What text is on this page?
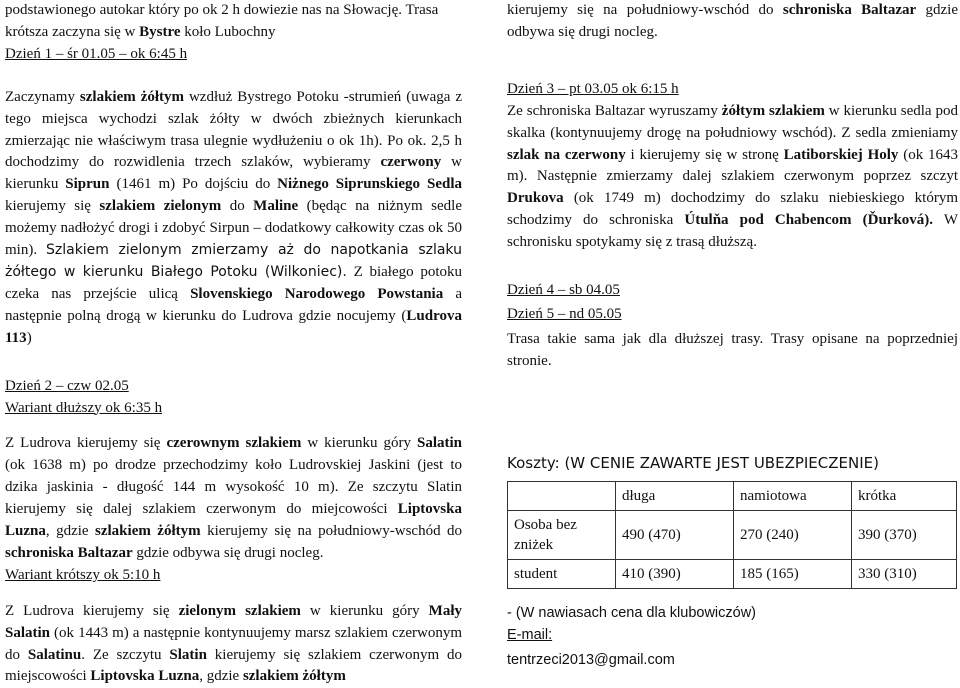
podstawionego autokar który po ok 2 h dowiezie nas na Słowację. Trasa
krótsza zaczyna się w Bystre koło Lubochny

Dzień 1 – śr 01.05 – ok 6:45 h

Zaczynamy szlakiem żółtym wzdłuż Bystrego Potoku -strumień (uwaga z tego miejsca wychodzi szlak żółty w dwóch zbieżnych kierunkach zmierzając nie właściwym trasa ulegnie wydłużeniu o ok 1h). Po ok. 2,5 h dochodzimy do rozwidlenia trzech szlaków, wybieramy czerwony w kierunku Siprun (1461 m) Po dojściu do Niżnego Siprunskiego Sedla kierujemy się szlakiem zielonym do Maline (będąc na niżnym sedle możemy nadłożyć drogi i zdobyć Sirpun – dodatkowy całkowity czas ok 50 min). Szlakiem zielonym zmierzamy aż do napotkania szlaku żółtego w kierunku Białego Potoku (Wilkoniec). Z białego potoku czeka nas przejście ulicą Slovenskiego Narodowego Powstania a następnie polną drogą w kierunku do Ludrova gdzie nocujemy (Ludrova 113)

Dzień 2 – czw 02.05

Wariant dłuższy ok 6:35 h

Z Ludrova kierujemy się czerownym szlakiem w kierunku góry Salatin (ok 1638 m) po drodze przechodzimy koło Ludrovskiej Jaskini (jest to dzika jaskinia - długość 144 m wysokość 10 m). Ze szczytu Slatin kierujemy się dalej szlakiem czerwonym do miejcowości Liptovska Luzna, gdzie szlakiem żółtym kierujemy się na południowy-wschód do schroniska Baltazar gdzie odbywa się drugi nocleg.

Wariant krótszy ok 5:10 h

Z Ludrova kierujemy się zielonym szlakiem w kierunku góry Mały Salatin (ok 1443 m) a następnie kontynuujemy marsz szlakiem czerwonym do Salatinu. Ze szczytu Slatin kierujemy się szlakiem czerwonym do miejscowości Liptovska Luzna, gdzie szlakiem żółtym

kierujemy się na południowy-wschód do schroniska Baltazar gdzie odbywa się drugi nocleg.

Dzień 3 – pt 03.05 ok 6:15 h

Ze schroniska Baltazar wyruszamy żółtym szlakiem w kierunku sedla pod skalka (kontynuujemy drogę na południowy wschód). Z sedla zmieniamy szlak na czerwony i kierujemy się w stronę Latiborskiej Holy (ok 1643 m). Następnie zmierzamy dalej szlakiem czerwonym poprzez szczyt Drukova (ok 1749 m) dochodzimy do szlaku niebieskiego którym schodzimy do schroniska Útulňa pod Chabencom (Ďurková). W schronisku spotykamy się z trasą dłuższą.

Dzień 4 – sb 04.05

Dzień 5 – nd 05.05

Trasa takie sama jak dla dłuższej trasy. Trasy opisane na poprzedniej stronie.

Koszty: (W CENIE ZAWARTE JEST UBEZPIECZENIE)

	długa	namiotowa	krótka
Osoba bez zniżek	490 (470)	270 (240)	390 (370)
student	410 (390)	185 (165)	330 (310)

- (W nawiasach cena dla klubowiczów)

E-mail:

tentrzeci2013@gmail.com
